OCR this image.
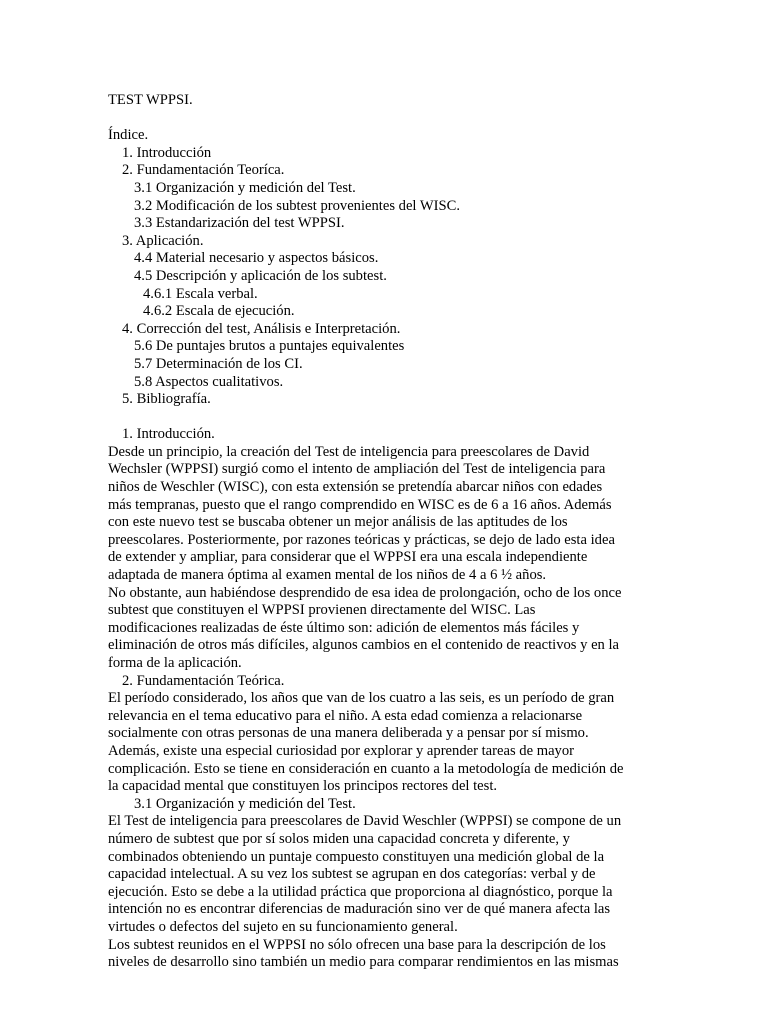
TEST WPPSI.
Índice.
1. Introducción
2. Fundamentación Teoríca.
3.1 Organización y medición del Test.
3.2 Modificación de los subtest provenientes del WISC.
3.3 Estandarización del test WPPSI.
3. Aplicación.
4.4 Material necesario y aspectos básicos.
4.5 Descripción y aplicación de los subtest.
4.6.1 Escala verbal.
4.6.2 Escala de ejecución.
4. Corrección del test, Análisis e Interpretación.
5.6 De puntajes brutos a puntajes equivalentes
5.7 Determinación de los CI.
5.8 Aspectos cualitativos.
5. Bibliografía.
1. Introducción.
Desde un principio, la creación del Test de inteligencia para preescolares de David
Wechsler (WPPSI) surgió como el intento de ampliación del Test de inteligencia para
niños de Weschler (WISC), con esta extensión se pretendía abarcar niños con edades
más tempranas, puesto que el rango comprendido en WISC es de 6 a 16 años. Además
con este nuevo test se buscaba obtener un mejor análisis de las aptitudes de los
preescolares. Posteriormente, por razones teóricas y prácticas, se dejo de lado esta idea
de extender y ampliar, para considerar que el WPPSI era una escala independiente
adaptada de manera óptima al examen mental de los niños de 4 a 6 ½ años.
No obstante, aun habiéndose desprendido de esa idea de prolongación, ocho de los once
subtest que constituyen el WPPSI provienen directamente del WISC. Las
modificaciones realizadas de éste último son: adición de elementos más fáciles y
eliminación de otros más difíciles, algunos cambios en el contenido de reactivos y en la
forma de la aplicación.
2. Fundamentación Teórica.
El período considerado, los años que van de los cuatro a las seis, es un período de gran
relevancia en el tema educativo para el niño. A esta edad comienza a relacionarse
socialmente con otras personas de una manera deliberada y a pensar por sí mismo.
Además, existe una especial curiosidad por explorar y aprender tareas de mayor
complicación. Esto se tiene en consideración en cuanto a la metodología de medición de
la capacidad mental que constituyen los principos rectores del test.
3.1 Organización y medición del Test.
El Test de inteligencia para preescolares de David Weschler (WPPSI) se compone de un
número de subtest que por sí solos miden una capacidad concreta y diferente, y
combinados obteniendo un puntaje compuesto constituyen una medición global de la
capacidad intelectual. A su vez los subtest se agrupan en dos categorías: verbal y de
ejecución. Esto se debe a la utilidad práctica que proporciona al diagnóstico, porque la
intención no es encontrar diferencias de maduración sino ver de qué manera afecta las
virtudes o defectos del sujeto en su funcionamiento general.
Los subtest reunidos en el WPPSI no sólo ofrecen una base para la descripción de los
niveles de desarrollo sino también un medio para comparar rendimientos en las mismas
